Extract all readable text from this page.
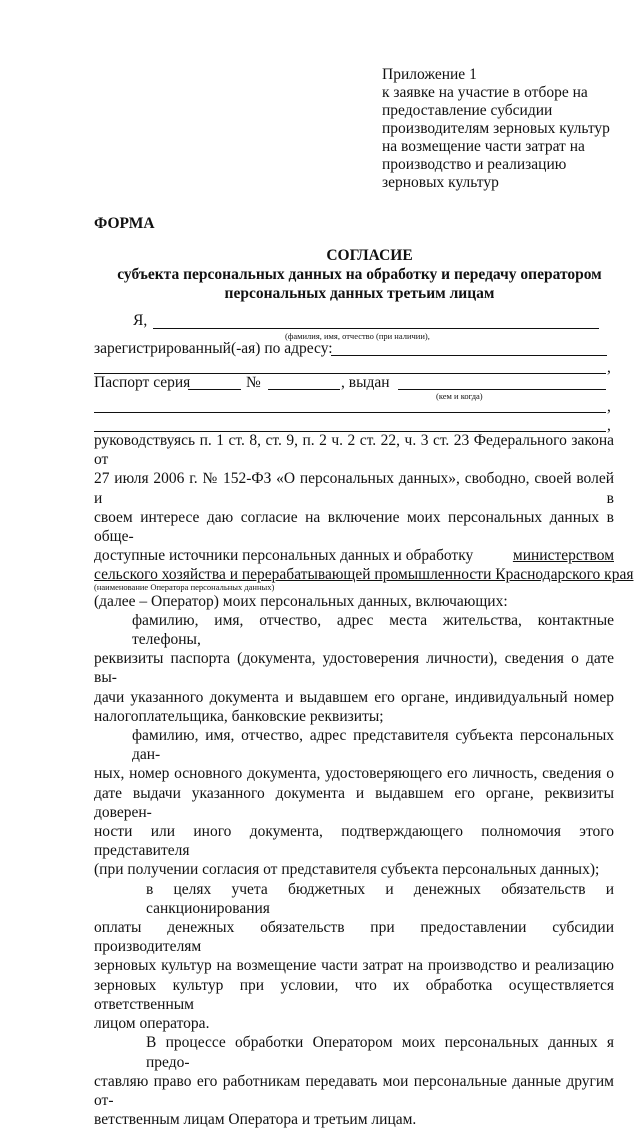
Приложение 1
к заявке на участие в отборе на
предоставление субсидии
производителям зерновых культур
на возмещение части затрат на
производство и реализацию
зерновых культур
ФОРМА
СОГЛАСИЕ
субъекта персональных данных на обработку и передачу оператором
персональных данных третьим лицам
Я,
(фамилия, имя, отчество (при наличии),
зарегистрированный(-ая) по адресу:
,
Паспорт серия	№	, выдан
(кем и когда)
,
,
руководствуясь п. 1 ст. 8, ст. 9, п. 2 ч. 2 ст. 22, ч. 3 ст. 23 Федерального закона от
27 июля 2006 г. № 152-ФЗ «О персональных данных», свободно, своей волей и в
своем интересе даю согласие на включение моих персональных данных в обще-
доступные источники персональных данных и обработку	министерством
сельского хозяйства и перерабатывающей промышленности Краснодарского края
(наименование Оператора персональных данных)
(далее – Оператор) моих персональных данных, включающих:
фамилию, имя, отчество, адрес места жительства, контактные телефоны,
реквизиты паспорта (документа, удостоверения личности), сведения о дате вы-
дачи указанного документа и выдавшем его органе, индивидуальный номер
налогоплательщика, банковские реквизиты;
фамилию, имя, отчество, адрес представителя субъекта персональных дан-
ных, номер основного документа, удостоверяющего его личность, сведения о
дате выдачи указанного документа и выдавшем его органе, реквизиты доверен-
ности или иного документа, подтверждающего полномочия этого представителя
(при получении согласия от представителя субъекта персональных данных);
в целях учета бюджетных и денежных обязательств и санкционирования
оплаты денежных обязательств при предоставлении субсидии производителям
зерновых культур на возмещение части затрат на производство и реализацию
зерновых культур при условии, что их обработка осуществляется ответственным
лицом оператора.
В процессе обработки Оператором моих персональных данных я предо-
ставляю право его работникам передавать мои персональные данные другим от-
ветственным лицам Оператора и третьим лицам.
